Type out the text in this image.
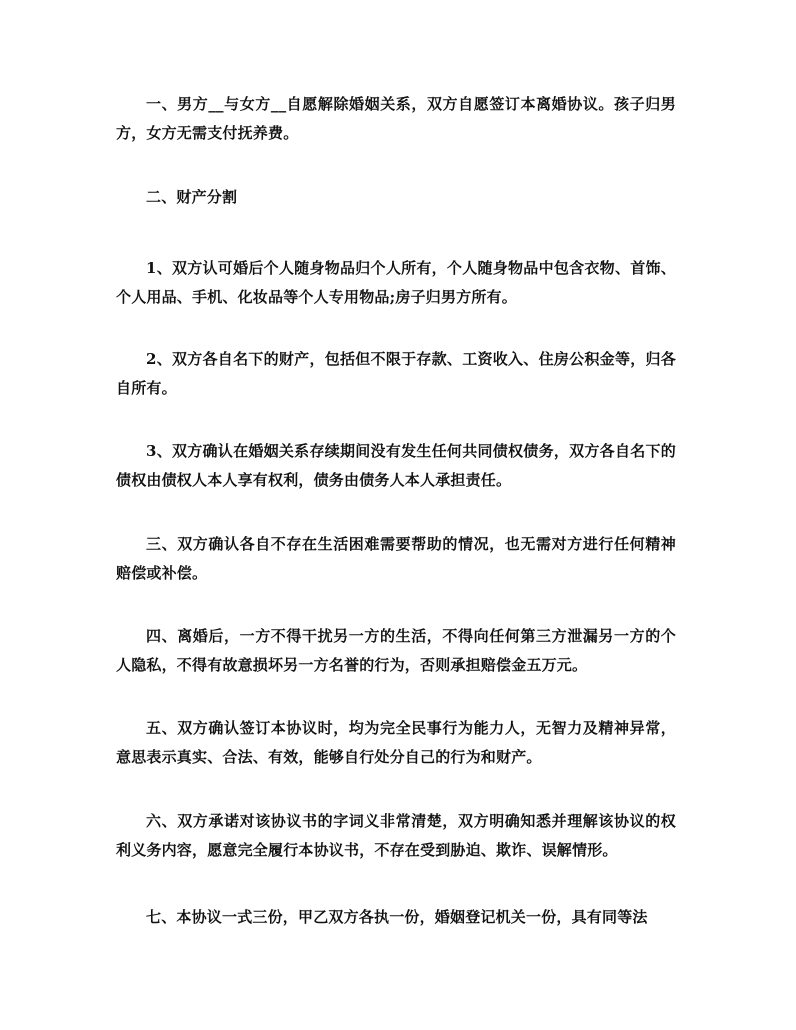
一、男方__与女方__自愿解除婚姻关系，双方自愿签订本离婚协议。孩子归男方，女方无需支付抚养费。

二、财产分割

1、双方认可婚后个人随身物品归个人所有，个人随身物品中包含衣物、首饰、个人用品、手机、化妆品等个人专用物品;房子归男方所有。

2、双方各自名下的财产，包括但不限于存款、工资收入、住房公积金等，归各自所有。

3、双方确认在婚姻关系存续期间没有发生任何共同债权债务，双方各自名下的债权由债权人本人享有权利，债务由债务人本人承担责任。

三、双方确认各自不存在生活困难需要帮助的情况，也无需对方进行任何精神赔偿或补偿。

四、离婚后，一方不得干扰另一方的生活，不得向任何第三方泄漏另一方的个人隐私，不得有故意损坏另一方名誉的行为，否则承担赔偿金五万元。

五、双方确认签订本协议时，均为完全民事行为能力人，无智力及精神异常，意思表示真实、合法、有效，能够自行处分自己的行为和财产。

六、双方承诺对该协议书的字词义非常清楚，双方明确知悉并理解该协议的权利义务内容，愿意完全履行本协议书，不存在受到胁迫、欺诈、误解情形。

七、本协议一式三份，甲乙双方各执一份，婚姻登记机关一份，具有同等法
